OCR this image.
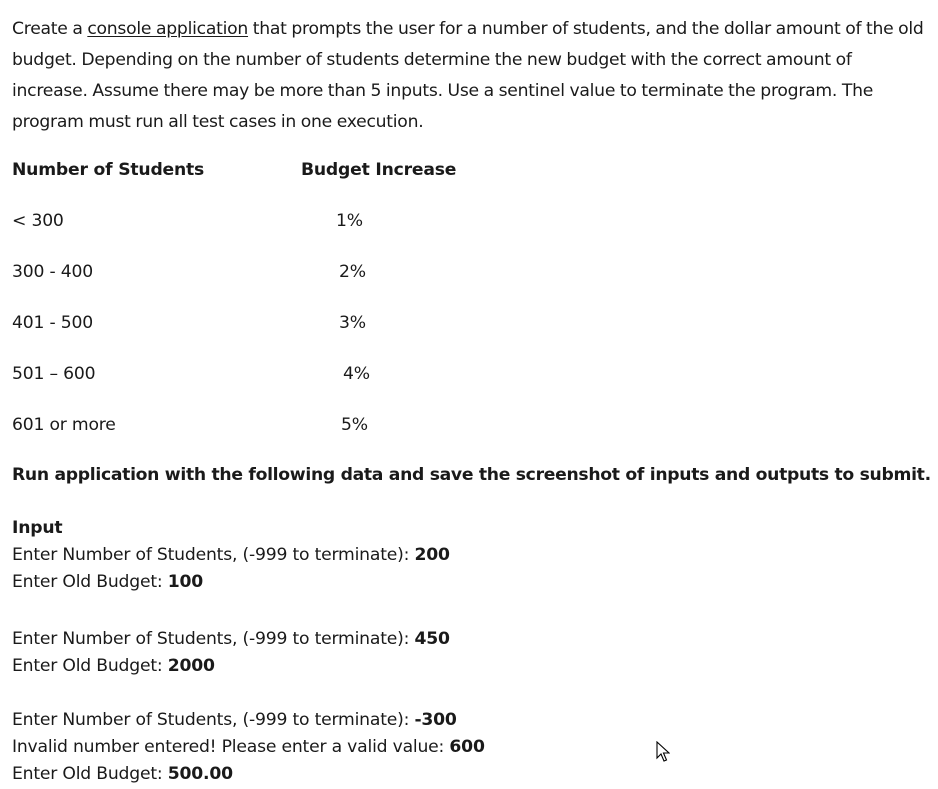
Create a console application that prompts the user for a number of students, and the dollar amount of the old budget. Depending on the number of students determine the new budget with the correct amount of increase. Assume there may be more than 5 inputs. Use a sentinel value to terminate the program. The program must run all test cases in one execution.

Number of Students	Budget Increase
< 300	1%
300 - 400	2%
401 - 500	3%
501 – 600	4%
601 or more	5%
Run application with the following data and save the screenshot of inputs and outputs to submit.
Input
Enter Number of Students, (-999 to terminate): 200
Enter Old Budget: 100
Enter Number of Students, (-999 to terminate): 450
Enter Old Budget: 2000
Enter Number of Students, (-999 to terminate): -300
Invalid number entered! Please enter a valid value: 600
Enter Old Budget: 500.00
